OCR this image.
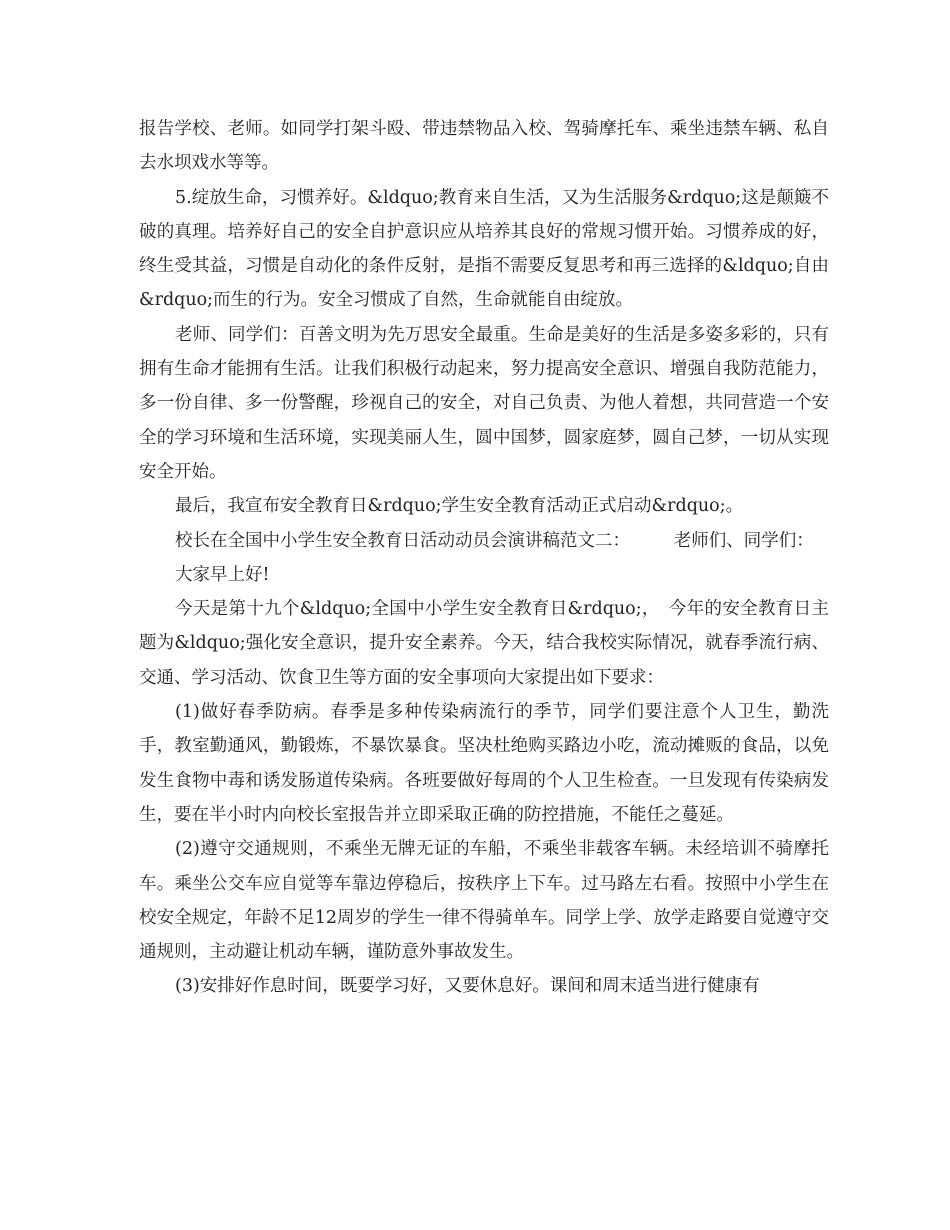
报告学校、老师。如同学打架斗殴、带违禁物品入校、驾骑摩托车、乘坐违禁车辆、私自去水坝戏水等等。

5.绽放生命，习惯养好。&ldquo;教育来自生活，又为生活服务&rdquo;这是颠簸不破的真理。培养好自己的安全自护意识应从培养其良好的常规习惯开始。习惯养成的好，终生受其益，习惯是自动化的条件反射，是指不需要反复思考和再三选择的&ldquo;自由&rdquo;而生的行为。安全习惯成了自然，生命就能自由绽放。

老师、同学们：百善文明为先万思安全最重。生命是美好的生活是多姿多彩的，只有拥有生命才能拥有生活。让我们积极行动起来，努力提高安全意识、增强自我防范能力，多一份自律、多一份警醒，珍视自己的安全，对自己负责、为他人着想，共同营造一个安全的学习环境和生活环境，实现美丽人生，圆中国梦，圆家庭梦，圆自己梦，一切从实现安全开始。

最后，我宣布安全教育日&rdquo;学生安全教育活动正式启动&rdquo;。

校长在全国中小学生安全教育日活动动员会演讲稿范文二：　　　老师们、同学们：

大家早上好!

今天是第十九个&ldquo;全国中小学生安全教育日&rdquo;，　今年的安全教育日主题为&ldquo;强化安全意识，提升安全素养。今天，结合我校实际情况，就春季流行病、交通、学习活动、饮食卫生等方面的安全事项向大家提出如下要求：

(1)做好春季防病。春季是多种传染病流行的季节，同学们要注意个人卫生，勤洗手，教室勤通风，勤锻炼，不暴饮暴食。坚决杜绝购买路边小吃，流动摊贩的食品，以免发生食物中毒和诱发肠道传染病。各班要做好每周的个人卫生检查。一旦发现有传染病发生，要在半小时内向校长室报告并立即采取正确的防控措施，不能任之蔓延。

(2)遵守交通规则，不乘坐无牌无证的车船，不乘坐非载客车辆。未经培训不骑摩托车。乘坐公交车应自觉等车靠边停稳后，按秩序上下车。过马路左右看。按照中小学生在校安全规定，年龄不足12周岁的学生一律不得骑单车。同学上学、放学走路要自觉遵守交通规则，主动避让机动车辆，谨防意外事故发生。

(3)安排好作息时间，既要学习好，又要休息好。课间和周末适当进行健康有
